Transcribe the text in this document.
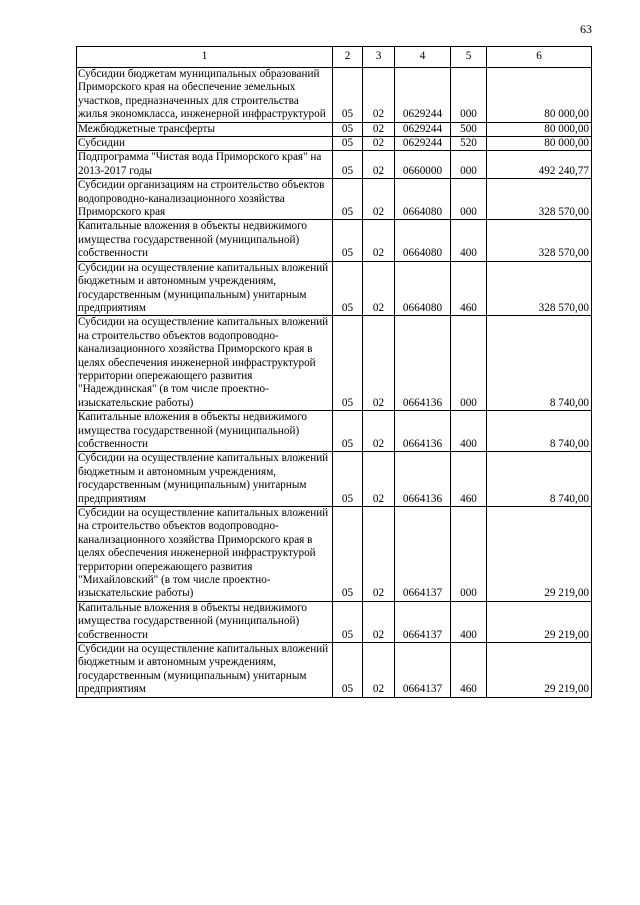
63
1	2	3	4	5	6
Субсидии бюджетам муниципальных образований Приморского края на обеспечение земельных участков, предназначенных для строительства жилья экономкласса, инженерной инфраструктурой	05	02	0629244	000	80 000,00
Межбюджетные трансферты	05	02	0629244	500	80 000,00
Субсидии	05	02	0629244	520	80 000,00
Подпрограмма "Чистая вода Приморского края" на 2013-2017 годы	05	02	0660000	000	492 240,77
Субсидии организациям на строительство объектов водопроводно-канализационного хозяйства Приморского края	05	02	0664080	000	328 570,00
Капитальные вложения в объекты недвижимого имущества государственной (муниципальной) собственности	05	02	0664080	400	328 570,00
Субсидии на осуществление капитальных вложений бюджетным и автономным учреждениям, государственным (муниципальным) унитарным предприятиям	05	02	0664080	460	328 570,00
Субсидии на осуществление капитальных вложений на строительство объектов водопроводно-канализационного хозяйства Приморского края в целях обеспечения инженерной инфраструктурой территории опережающего развития "Надеждинская" (в том числе проектно-изыскательские работы)	05	02	0664136	000	8 740,00
Капитальные вложения в объекты недвижимого имущества государственной (муниципальной) собственности	05	02	0664136	400	8 740,00
Субсидии на осуществление капитальных вложений бюджетным и автономным учреждениям, государственным (муниципальным) унитарным предприятиям	05	02	0664136	460	8 740,00
Субсидии на осуществление капитальных вложений на строительство объектов водопроводно-канализационного хозяйства Приморского края в целях обеспечения инженерной инфраструктурой территории опережающего развития "Михайловский" (в том числе проектно-изыскательские работы)	05	02	0664137	000	29 219,00
Капитальные вложения в объекты недвижимого имущества государственной (муниципальной) собственности	05	02	0664137	400	29 219,00
Субсидии на осуществление капитальных вложений бюджетным и автономным учреждениям, государственным (муниципальным) унитарным предприятиям	05	02	0664137	460	29 219,00
